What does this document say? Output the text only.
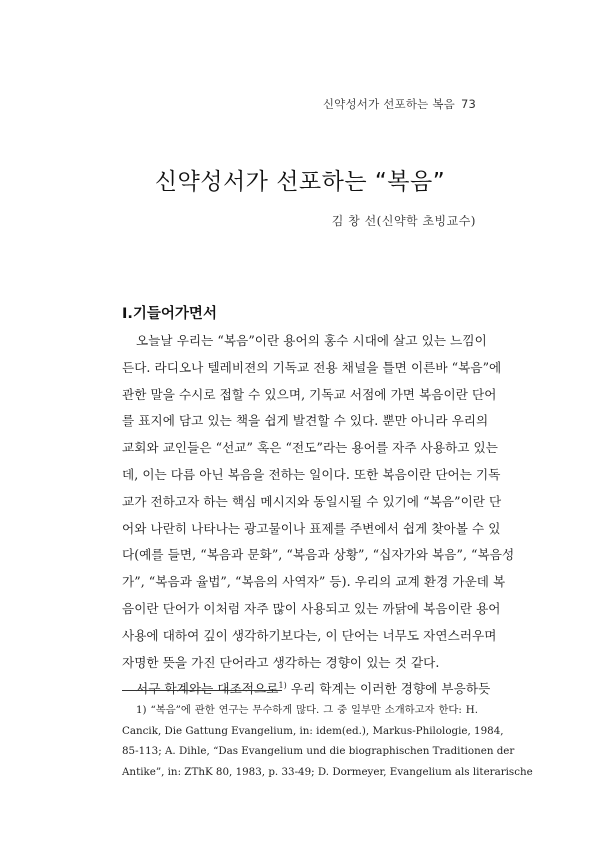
신약성서가 선포하는 복음 73
신약성서가 선포하는 “복음”
김 창 선(신약학 초빙교수)
Ⅰ.기들어가면서
오늘날 우리는 “복음”이란 용어의 홍수 시대에 살고 있는 느낌이
든다. 라디오나 텔레비젼의 기독교 전용 채널을 틀면 이른바 “복음”에
관한 말을 수시로 접할 수 있으며, 기독교 서점에 가면 복음이란 단어
를 표지에 담고 있는 책을 쉽게 발견할 수 있다. 뿐만 아니라 우리의
교회와 교인들은 “선교” 혹은 “전도”라는 용어를 자주 사용하고 있는
데, 이는 다름 아닌 복음을 전하는 일이다. 또한 복음이란 단어는 기독
교가 전하고자 하는 핵심 메시지와 동일시될 수 있기에 “복음”이란 단
어와 나란히 나타나는 광고물이나 표제를 주변에서 쉽게 찾아볼 수 있
다(예를 들면, “복음과 문화”, “복음과 상황”, “십자가와 복음”, “복음성
가”, “복음과 율법”, “복음의 사역자” 등). 우리의 교계 환경 가운데 복
음이란 단어가 이처럼 자주 많이 사용되고 있는 까닭에 복음이란 용어
사용에 대하여 깊이 생각하기보다는, 이 단어는 너무도 자연스러우며
자명한 뜻을 가진 단어라고 생각하는 경향이 있는 것 같다.
서구 학계와는 대조적으로$^{1)}$ 우리 학계는 이러한 경향에 부응하듯
1) “복음”에 관한 연구는 무수하게 많다. 그 중 일부만 소개하고자 한다: H.
Cancik, Die Gattung Evangelium, in: idem(ed.), Markus-Philologie, 1984,
85-113; A. Dihle, “Das Evangelium und die biographischen Traditionen der
Antike”, in: ZThK 80, 1983, p. 33-49; D. Dormeyer, Evangelium als literarische
